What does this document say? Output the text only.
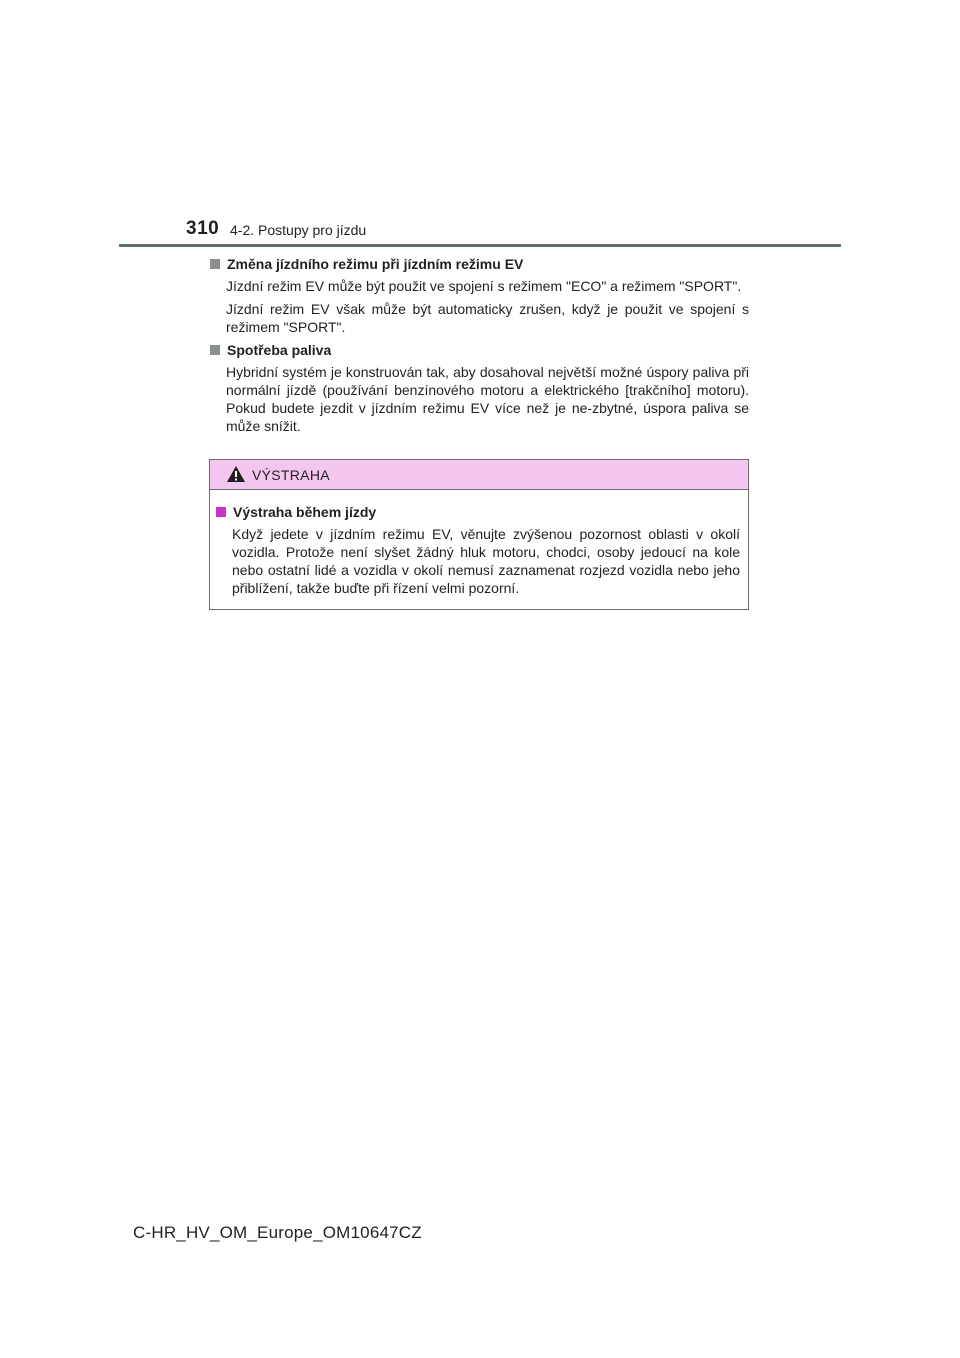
310 4-2. Postupy pro jízdu
Změna jízdního režimu při jízdním režimu EV

Jízdní režim EV může být použit ve spojení s režimem "ECO" a režimem "SPORT".

Jízdní režim EV však může být automaticky zrušen, když je použit ve spojení s režimem "SPORT".

Spotřeba paliva

Hybridní systém je konstruován tak, aby dosahoval největší možné úspory paliva při normální jízdě (používání benzínového motoru a elektrického [trakčního] motoru). Pokud budete jezdit v jízdním režimu EV více než je ne-zbytné, úspora paliva se může snížit.

VÝSTRAHA
Výstraha během jízdy

Když jedete v jízdním režimu EV, věnujte zvýšenou pozornost oblasti v okolí vozidla. Protože není slyšet žádný hluk motoru, chodci, osoby jedoucí na kole nebo ostatní lidé a vozidla v okolí nemusí zaznamenat rozjezd vozidla nebo jeho přiblížení, takže buďte při řízení velmi pozorní.

C-HR_HV_OM_Europe_OM10647CZ
